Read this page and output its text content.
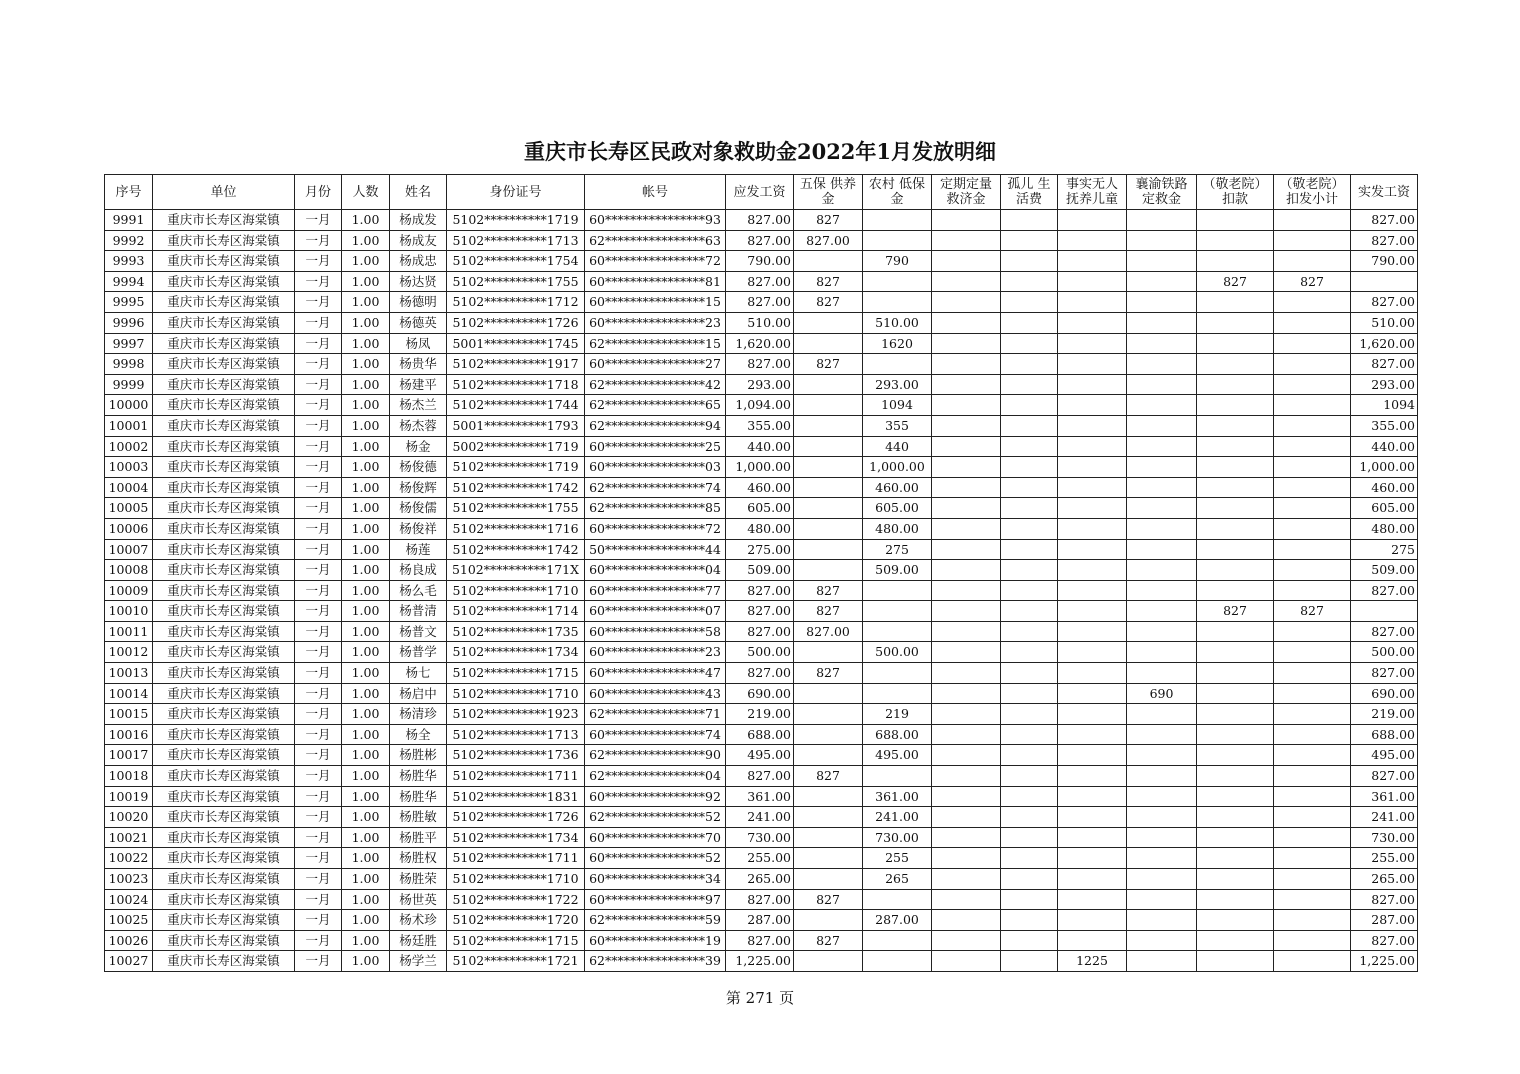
重庆市长寿区民政对象救助金2022年1月发放明细
序号	单位	月份	人数	姓名	身份证号	帐号	应发工资	五保 供养金	农村 低保金	定期定量 救济金	孤儿 生活费	事实无人 抚养儿童	襄渝铁路 定救金	（敬老院） 扣款	（敬老院） 扣发小计	实发工资
9991	重庆市长寿区海棠镇	一月	1.00	杨成发	5102**********1719	60****************93	827.00	827								827.00
9992	重庆市长寿区海棠镇	一月	1.00	杨成友	5102**********1713	62****************63	827.00	827.00								827.00
9993	重庆市长寿区海棠镇	一月	1.00	杨成忠	5102**********1754	60****************72	790.00		790							790.00
9994	重庆市长寿区海棠镇	一月	1.00	杨达贤	5102**********1755	60****************81	827.00	827						827	827	
9995	重庆市长寿区海棠镇	一月	1.00	杨德明	5102**********1712	60****************15	827.00	827								827.00
9996	重庆市长寿区海棠镇	一月	1.00	杨德英	5102**********1726	60****************23	510.00		510.00							510.00
9997	重庆市长寿区海棠镇	一月	1.00	杨凤	5001**********1745	62****************15	1,620.00		1620							1,620.00
9998	重庆市长寿区海棠镇	一月	1.00	杨贵华	5102**********1917	60****************27	827.00	827								827.00
9999	重庆市长寿区海棠镇	一月	1.00	杨建平	5102**********1718	62****************42	293.00		293.00							293.00
10000	重庆市长寿区海棠镇	一月	1.00	杨杰兰	5102**********1744	62****************65	1,094.00		1094							1094
10001	重庆市长寿区海棠镇	一月	1.00	杨杰蓉	5001**********1793	62****************94	355.00		355							355.00
10002	重庆市长寿区海棠镇	一月	1.00	杨金	5002**********1719	60****************25	440.00		440							440.00
10003	重庆市长寿区海棠镇	一月	1.00	杨俊德	5102**********1719	60****************03	1,000.00		1,000.00							1,000.00
10004	重庆市长寿区海棠镇	一月	1.00	杨俊辉	5102**********1742	62****************74	460.00		460.00							460.00
10005	重庆市长寿区海棠镇	一月	1.00	杨俊儒	5102**********1755	62****************85	605.00		605.00							605.00
10006	重庆市长寿区海棠镇	一月	1.00	杨俊祥	5102**********1716	60****************72	480.00		480.00							480.00
10007	重庆市长寿区海棠镇	一月	1.00	杨莲	5102**********1742	50****************44	275.00		275							275
10008	重庆市长寿区海棠镇	一月	1.00	杨良成	5102**********171X	60****************04	509.00		509.00							509.00
10009	重庆市长寿区海棠镇	一月	1.00	杨么毛	5102**********1710	60****************77	827.00	827								827.00
10010	重庆市长寿区海棠镇	一月	1.00	杨普清	5102**********1714	60****************07	827.00	827						827	827	
10011	重庆市长寿区海棠镇	一月	1.00	杨普文	5102**********1735	60****************58	827.00	827.00								827.00
10012	重庆市长寿区海棠镇	一月	1.00	杨普学	5102**********1734	60****************23	500.00		500.00							500.00
10013	重庆市长寿区海棠镇	一月	1.00	杨七	5102**********1715	60****************47	827.00	827								827.00
10014	重庆市长寿区海棠镇	一月	1.00	杨启中	5102**********1710	60****************43	690.00						690			690.00
10015	重庆市长寿区海棠镇	一月	1.00	杨清珍	5102**********1923	62****************71	219.00		219							219.00
10016	重庆市长寿区海棠镇	一月	1.00	杨全	5102**********1713	60****************74	688.00		688.00							688.00
10017	重庆市长寿区海棠镇	一月	1.00	杨胜彬	5102**********1736	62****************90	495.00		495.00							495.00
10018	重庆市长寿区海棠镇	一月	1.00	杨胜华	5102**********1711	62****************04	827.00	827								827.00
10019	重庆市长寿区海棠镇	一月	1.00	杨胜华	5102**********1831	60****************92	361.00		361.00							361.00
10020	重庆市长寿区海棠镇	一月	1.00	杨胜敏	5102**********1726	62****************52	241.00		241.00							241.00
10021	重庆市长寿区海棠镇	一月	1.00	杨胜平	5102**********1734	60****************70	730.00		730.00							730.00
10022	重庆市长寿区海棠镇	一月	1.00	杨胜权	5102**********1711	60****************52	255.00		255							255.00
10023	重庆市长寿区海棠镇	一月	1.00	杨胜荣	5102**********1710	60****************34	265.00		265							265.00
10024	重庆市长寿区海棠镇	一月	1.00	杨世英	5102**********1722	60****************97	827.00	827								827.00
10025	重庆市长寿区海棠镇	一月	1.00	杨术珍	5102**********1720	62****************59	287.00		287.00							287.00
10026	重庆市长寿区海棠镇	一月	1.00	杨廷胜	5102**********1715	60****************19	827.00	827								827.00
10027	重庆市长寿区海棠镇	一月	1.00	杨学兰	5102**********1721	62****************39	1,225.00					1225				1,225.00
第 271 页
